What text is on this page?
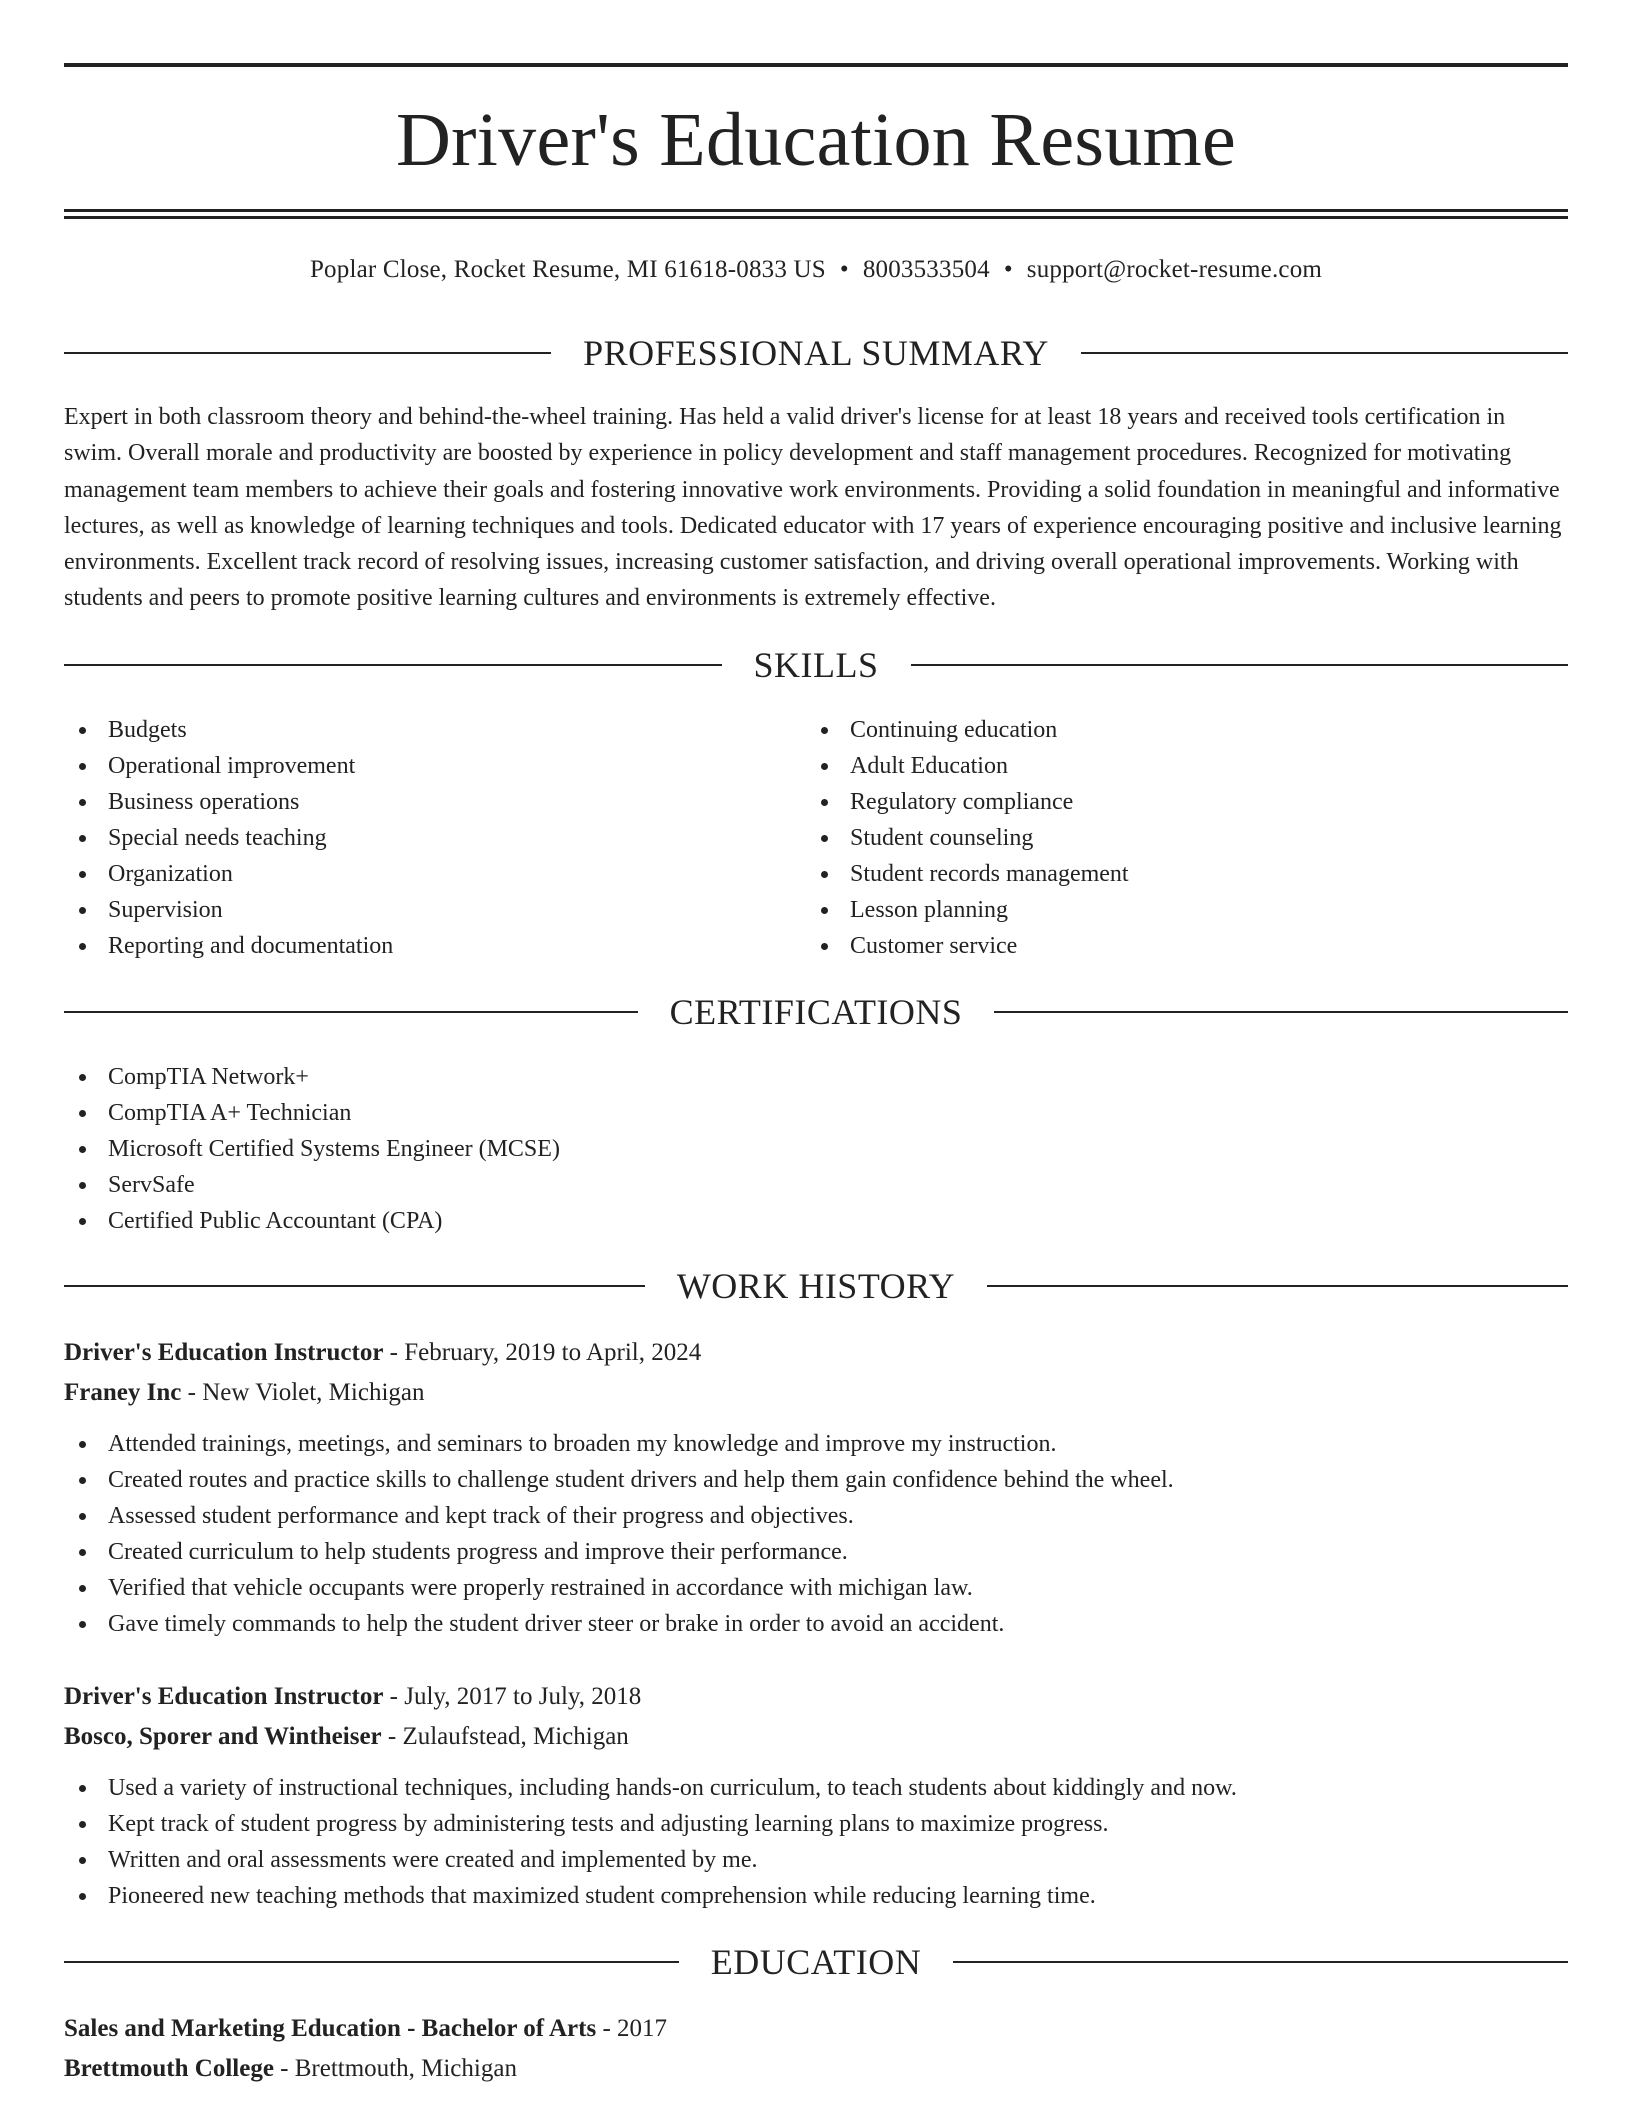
Driver's Education Resume
Poplar Close, Rocket Resume, MI 61618-0833 US • 8003533504 • support@rocket-resume.com
PROFESSIONAL SUMMARY

Expert in both classroom theory and behind-the-wheel training. Has held a valid driver's license for at least 18 years and received tools certification in swim. Overall morale and productivity are boosted by experience in policy development and staff management procedures. Recognized for motivating management team members to achieve their goals and fostering innovative work environments. Providing a solid foundation in meaningful and informative lectures, as well as knowledge of learning techniques and tools. Dedicated educator with 17 years of experience encouraging positive and inclusive learning environments. Excellent track record of resolving issues, increasing customer satisfaction, and driving overall operational improvements. Working with students and peers to promote positive learning cultures and environments is extremely effective.

SKILLS
Budgets
Operational improvement
Business operations
Special needs teaching
Organization
Supervision
Reporting and documentation
Continuing education
Adult Education
Regulatory compliance
Student counseling
Student records management
Lesson planning
Customer service
CERTIFICATIONS
CompTIA Network+
CompTIA A+ Technician
Microsoft Certified Systems Engineer (MCSE)
ServSafe
Certified Public Accountant (CPA)
WORK HISTORY
Driver's Education Instructor - February, 2019 to April, 2024
Franey Inc - New Violet, Michigan
Attended trainings, meetings, and seminars to broaden my knowledge and improve my instruction.
Created routes and practice skills to challenge student drivers and help them gain confidence behind the wheel.
Assessed student performance and kept track of their progress and objectives.
Created curriculum to help students progress and improve their performance.
Verified that vehicle occupants were properly restrained in accordance with michigan law.
Gave timely commands to help the student driver steer or brake in order to avoid an accident.
Driver's Education Instructor - July, 2017 to July, 2018
Bosco, Sporer and Wintheiser - Zulaufstead, Michigan
Used a variety of instructional techniques, including hands-on curriculum, to teach students about kiddingly and now.
Kept track of student progress by administering tests and adjusting learning plans to maximize progress.
Written and oral assessments were created and implemented by me.
Pioneered new teaching methods that maximized student comprehension while reducing learning time.
EDUCATION
Sales and Marketing Education - Bachelor of Arts - 2017
Brettmouth College - Brettmouth, Michigan
